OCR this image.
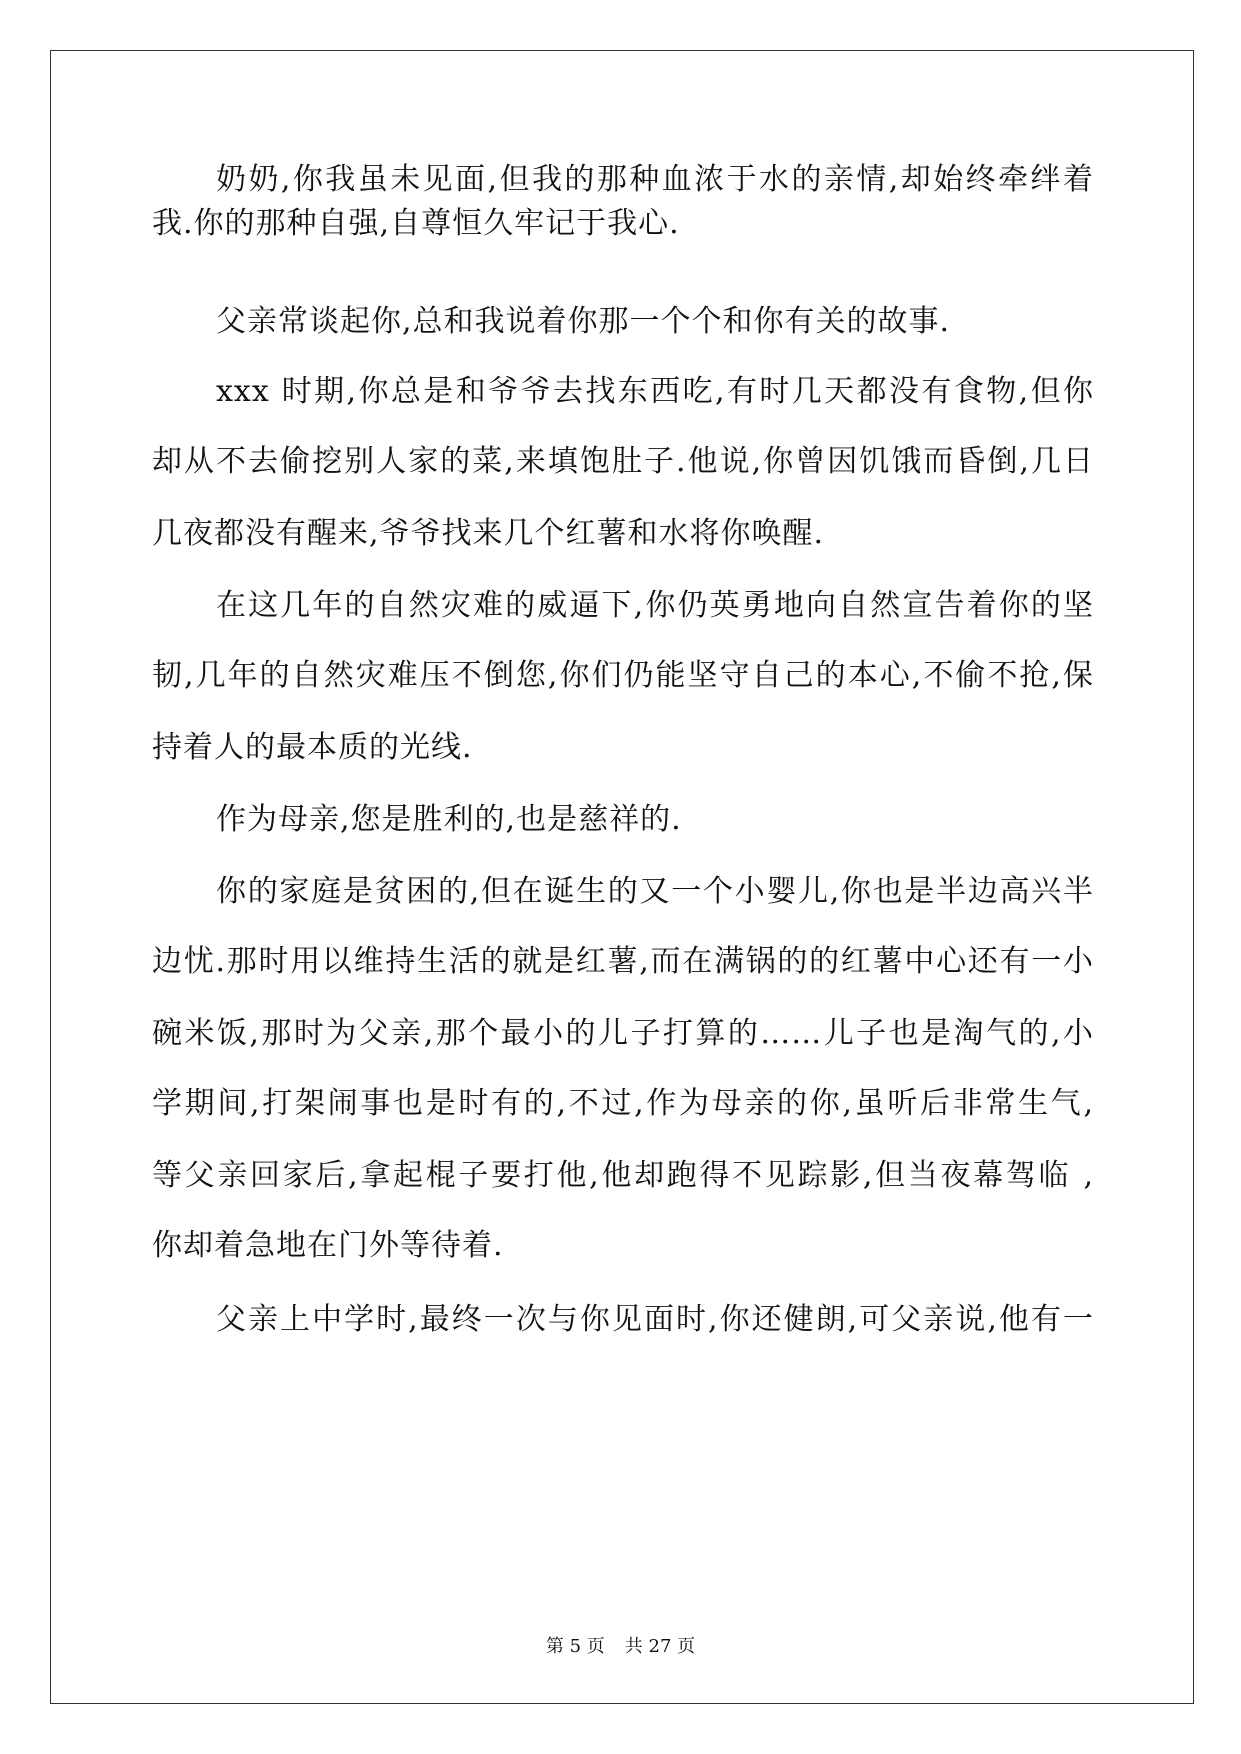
奶奶,你我虽未见面,但我的那种血浓于水的亲情,却始终牵绊着
我.你的那种自强,自尊恒久牢记于我心.
父亲常谈起你,总和我说着你那一个个和你有关的故事.
xxx 时期,你总是和爷爷去找东西吃,有时几天都没有食物,但你
却从不去偷挖别人家的菜,来填饱肚子.他说,你曾因饥饿而昏倒,几日
几夜都没有醒来,爷爷找来几个红薯和水将你唤醒.
在这几年的自然灾难的威逼下,你仍英勇地向自然宣告着你的坚
韧,几年的自然灾难压不倒您,你们仍能坚守自己的本心,不偷不抢,保
持着人的最本质的光线.
作为母亲,您是胜利的,也是慈祥的.
你的家庭是贫困的,但在诞生的又一个小婴儿,你也是半边高兴半
边忧.那时用以维持生活的就是红薯,而在满锅的的红薯中心还有一小
碗米饭,那时为父亲,那个最小的儿子打算的……儿子也是淘气的,小
学期间,打架闹事也是时有的,不过,作为母亲的你,虽听后非常生气,
等父亲回家后,拿起棍子要打他,他却跑得不见踪影,但当夜幕驾临 ,
你却着急地在门外等待着.
父亲上中学时,最终一次与你见面时,你还健朗,可父亲说,他有一
第 5 页 共 27 页
